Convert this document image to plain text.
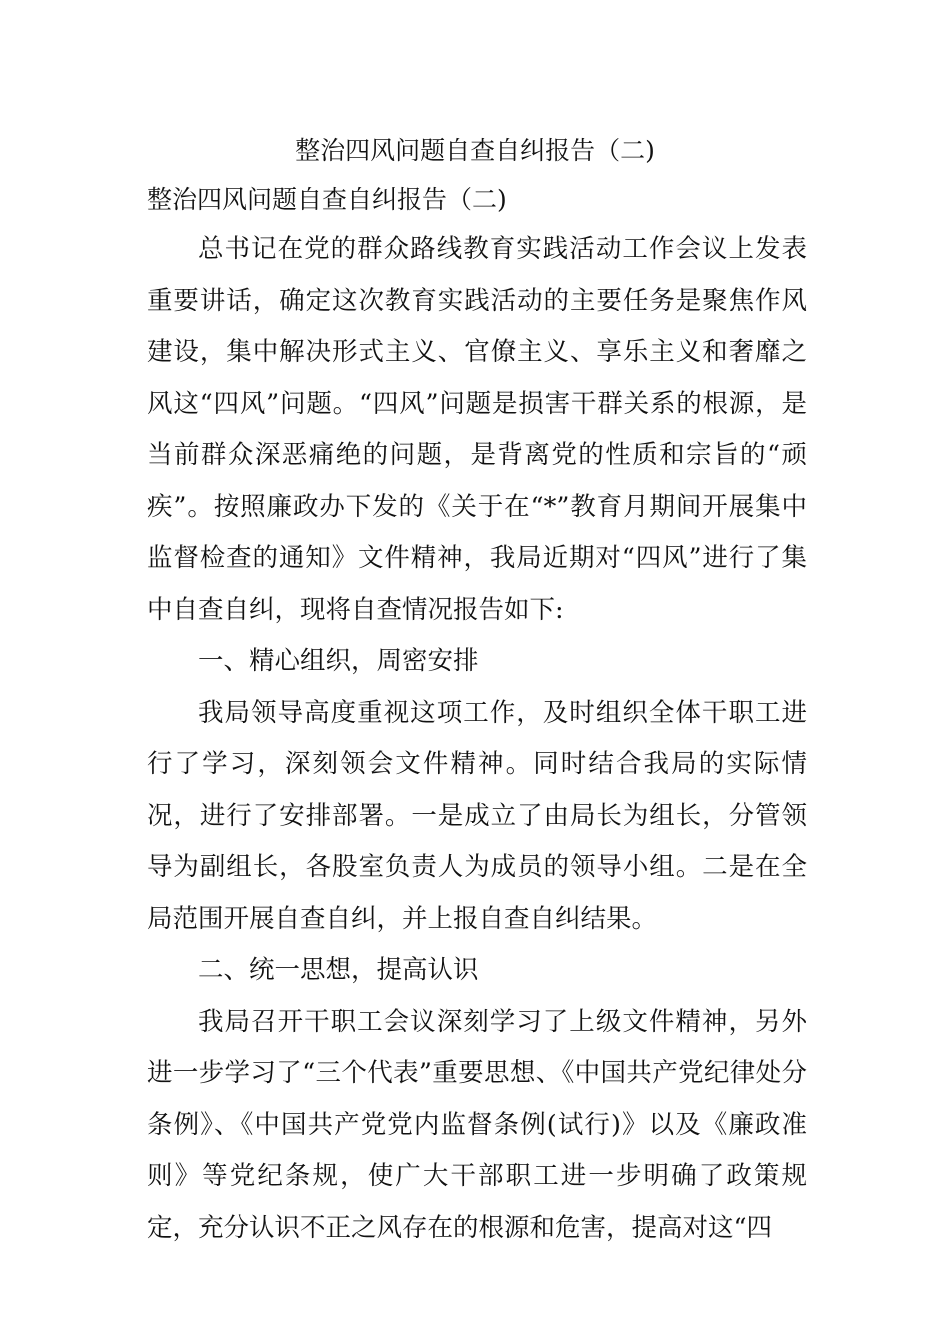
整治四风问题自查自纠报告（二)
整治四风问题自查自纠报告（二)

总书记在党的群众路线教育实践活动工作会议上发表重要讲话，确定这次教育实践活动的主要任务是聚焦作风建设，集中解决形式主义、官僚主义、享乐主义和奢靡之风这“四风”问题。“四风”问题是损害干群关系的根源，是当前群众深恶痛绝的问题，是背离党的性质和宗旨的“顽疾”。按照廉政办下发的《关于在“*”教育月期间开展集中监督检查的通知》文件精神，我局近期对“四风”进行了集中自查自纠，现将自查情况报告如下:

一、精心组织，周密安排

我局领导高度重视这项工作，及时组织全体干职工进行了学习，深刻领会文件精神。同时结合我局的实际情况，进行了安排部署。一是成立了由局长为组长，分管领导为副组长，各股室负责人为成员的领导小组。二是在全局范围开展自查自纠，并上报自查自纠结果。

二、统一思想，提高认识

我局召开干职工会议深刻学习了上级文件精神，另外进一步学习了“三个代表”重要思想、《中国共产党纪律处分条例》、《中国共产党党内监督条例(试行)》以及《廉政准则》等党纪条规，使广大干部职工进一步明确了政策规定，充分认识不正之风存在的根源和危害，提高对这“四
